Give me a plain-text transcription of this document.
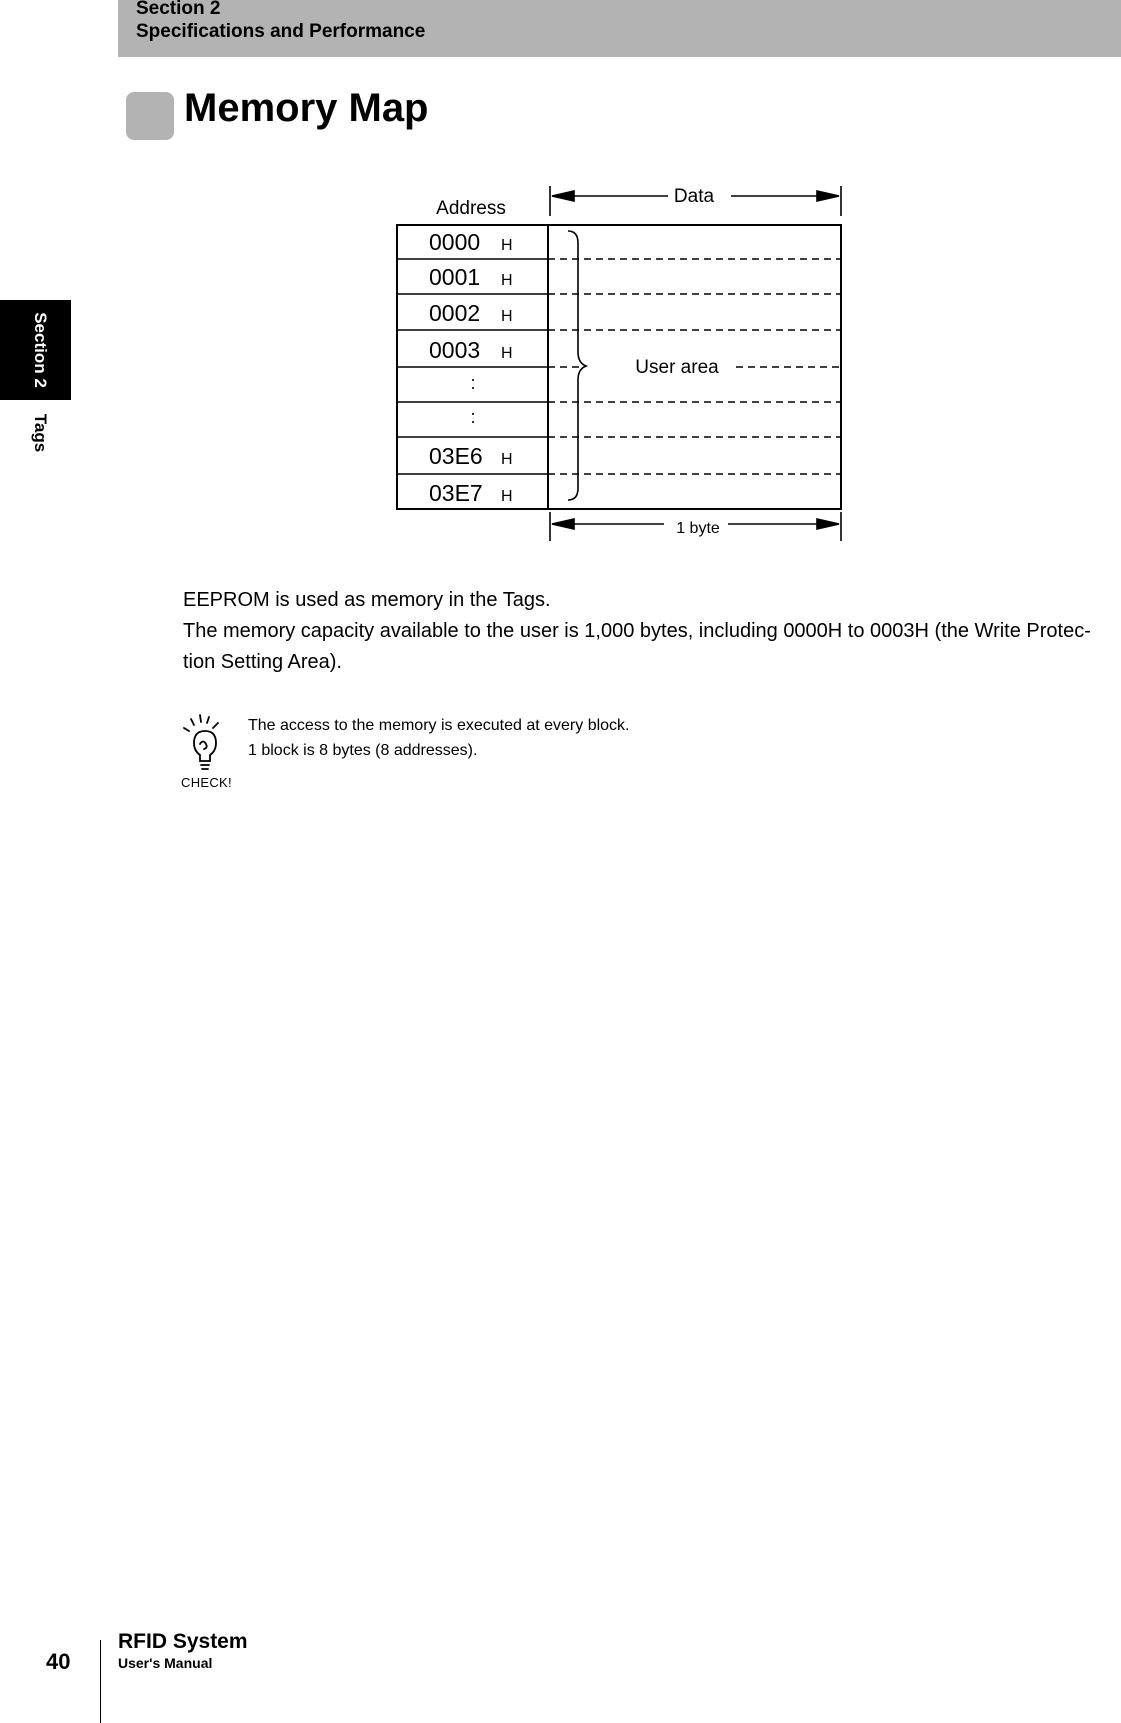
Section 2
Specifications and Performance
Section 2
Tags
Memory Map
Address
Data
0000 H
0001 H
0002 H
0003 H
:
:
03E6 H
03E7 H
User area
1 byte

EEPROM is used as memory in the Tags.

The memory capacity available to the user is 1,000 bytes, including 0000H to 0003H (the Write Protec-

tion Setting Area).

CHECK!

The access to the memory is executed at every block.

1 block is 8 bytes (8 addresses).

40
RFID System
User's Manual
